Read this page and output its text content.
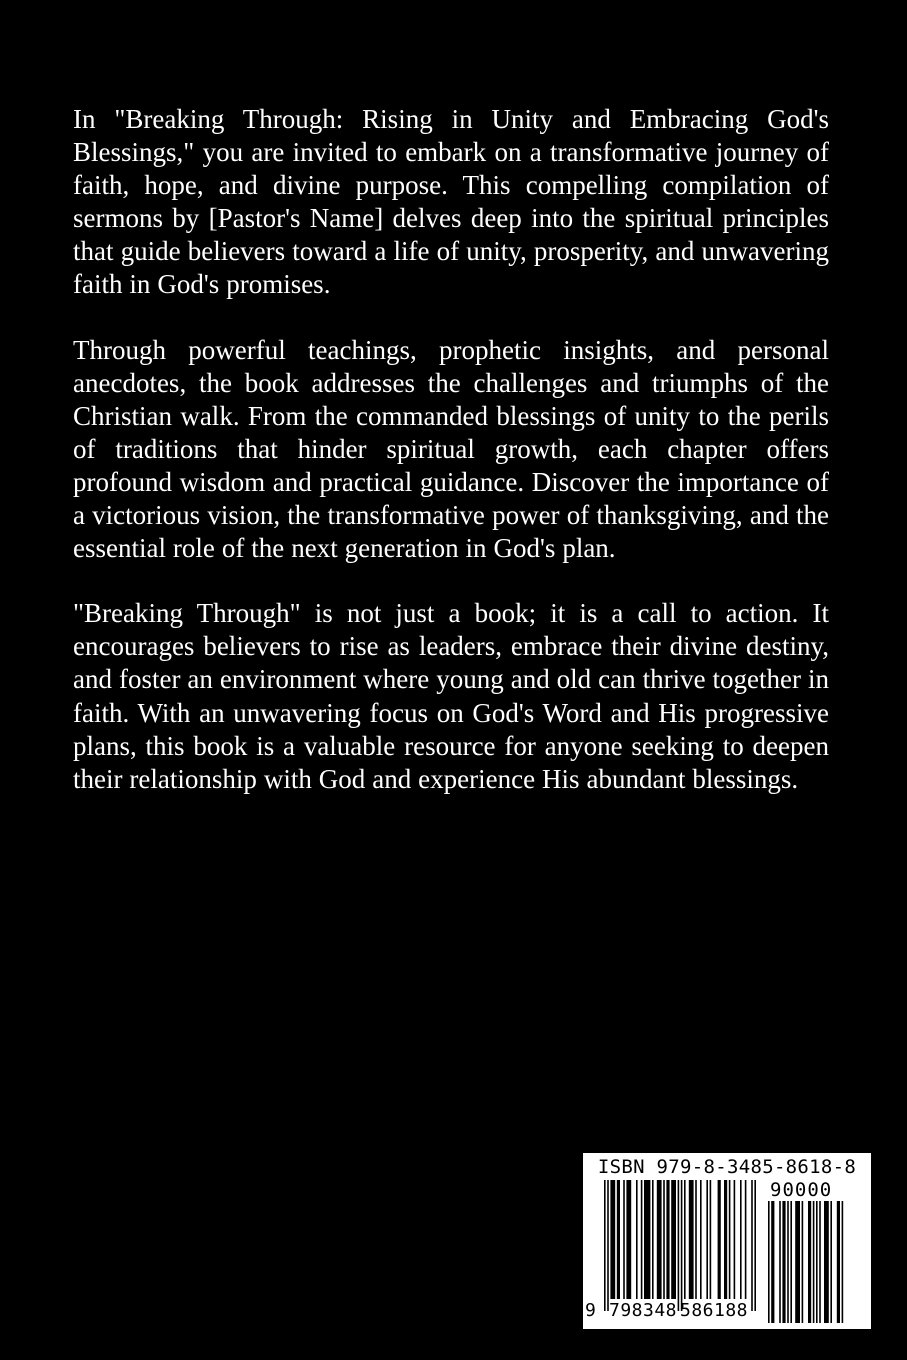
In "Breaking Through: Rising in Unity and Embracing God's Blessings," you are invited to embark on a transformative journey of faith, hope, and divine purpose. This compelling compilation of sermons by [Pastor's Name] delves deep into the spiritual principles that guide believers toward a life of unity, prosperity, and unwavering faith in God's promises.

Through powerful teachings, prophetic insights, and personal anecdotes, the book addresses the challenges and triumphs of the Christian walk. From the commanded blessings of unity to the perils of traditions that hinder spiritual growth, each chapter offers profound wisdom and practical guidance. Discover the importance of a victorious vision, the transformative power of thanksgiving, and the essential role of the next generation in God's plan.

"Breaking Through" is not just a book; it is a call to action. It encourages believers to rise as leaders, embrace their divine destiny, and foster an environment where young and old can thrive together in faith. With an unwavering focus on God's Word and His progressive plans, this book is a valuable resource for anyone seeking to deepen their relationship with God and experience His abundant blessings.

ISBN 979-8-3485-8618-8
90000
9 798348 586188
